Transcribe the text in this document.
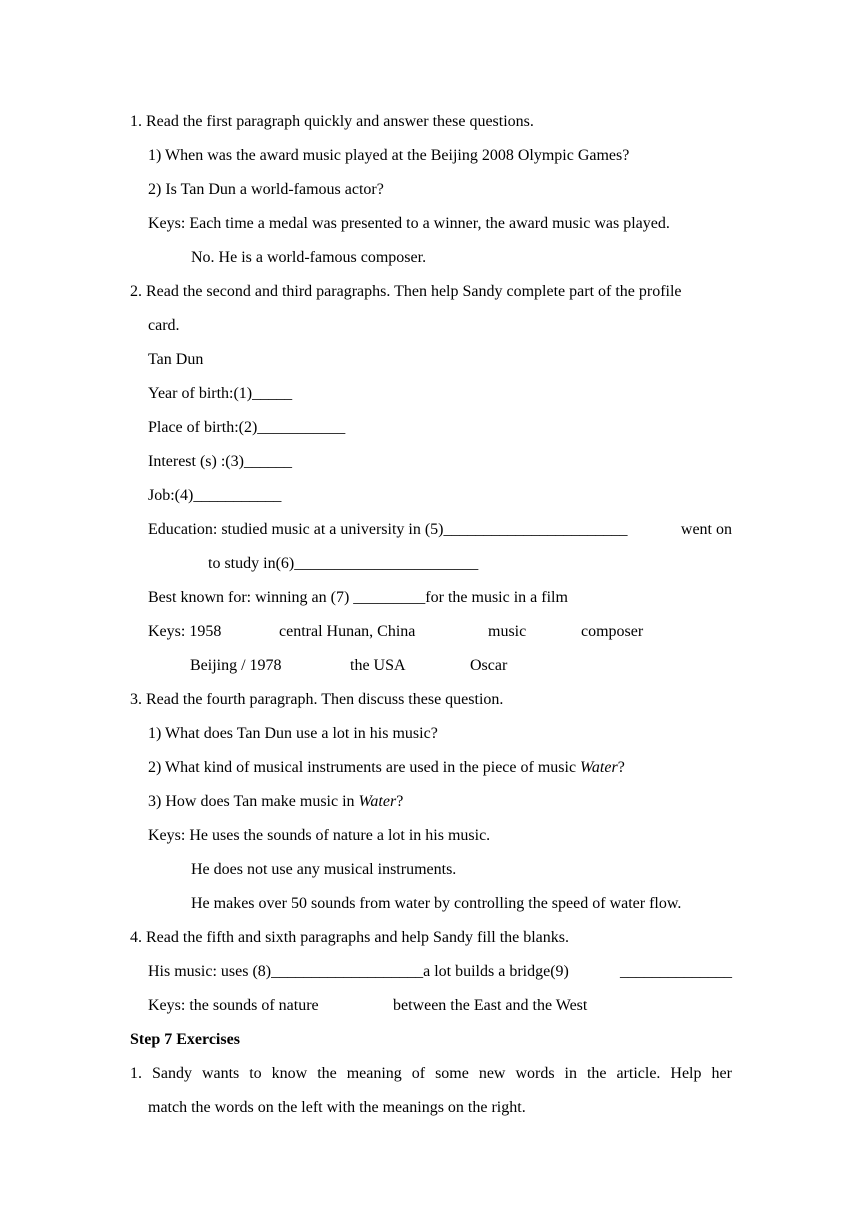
1. Read the first paragraph quickly and answer these questions.
1) When was the award music played at the Beijing 2008 Olympic Games?
2) Is Tan Dun a world-famous actor?
Keys: Each time a medal was presented to a winner, the award music was played.
No. He is a world-famous composer.
2. Read the second and third paragraphs. Then help Sandy complete part of the profile
card.
Tan Dun
Year of birth:(1)_____
Place of birth:(2)___________
Interest (s) :(3)______
Job:(4)___________
Education: studied music at a university in (5)_______________________	went on
to study in(6)_______________________
Best known for: winning an (7) _________for the music in a film
Keys: 1958	central Hunan, China	music	composer
Beijing / 1978	the USA	Oscar
3. Read the fourth paragraph. Then discuss these question.
1) What does Tan Dun use a lot in his music?
2) What kind of musical instruments are used in the piece of music Water?
3) How does Tan make music in Water?
Keys: He uses the sounds of nature a lot in his music.
He does not use any musical instruments.
He makes over 50 sounds from water by controlling the speed of water flow.
4. Read the fifth and sixth paragraphs and help Sandy fill the blanks.
His music: uses (8)___________________a lot builds a bridge(9)	______________
Keys: the sounds of nature	between the East and the West
Step 7 Exercises
1. Sandy wants to know the meaning of some new words in the article. Help her
match the words on the left with the meanings on the right.
